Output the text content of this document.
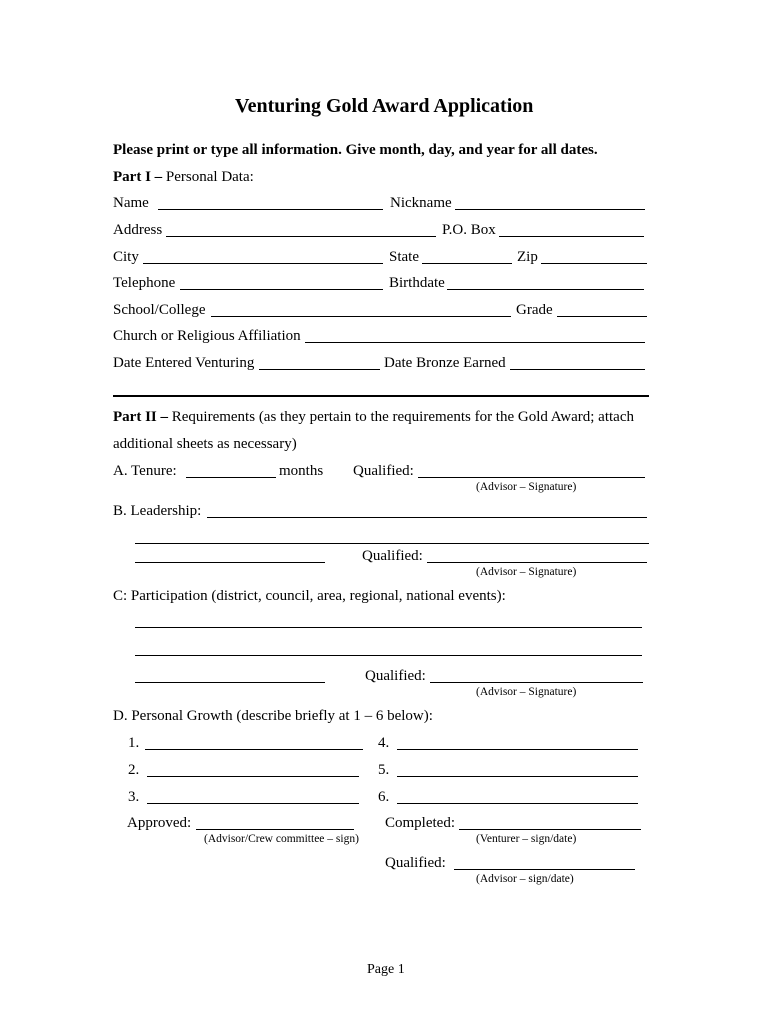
Venturing Gold Award Application
Please print or type all information. Give month, day, and year for all dates.
Part I – Personal Data:
Name	Nickname
Address	P.O. Box
City	State	Zip
Telephone	Birthdate
School/College	Grade
Church or Religious Affiliation
Date Entered Venturing	Date Bronze Earned
Part II – Requirements (as they pertain to the requirements for the Gold Award; attach
additional sheets as necessary)
A. Tenure:	months Qualified:
(Advisor – Signature)
B. Leadership:
Qualified:
(Advisor – Signature)
C: Participation (district, council, area, regional, national events):
Qualified:
(Advisor – Signature)
D. Personal Growth (describe briefly at 1 – 6 below):
1.	4.
2.	5.
3.	6.
Approved:
(Advisor/Crew committee – sign)
Completed:
(Venturer – sign/date)
Qualified:
(Advisor – sign/date)
Page 1
